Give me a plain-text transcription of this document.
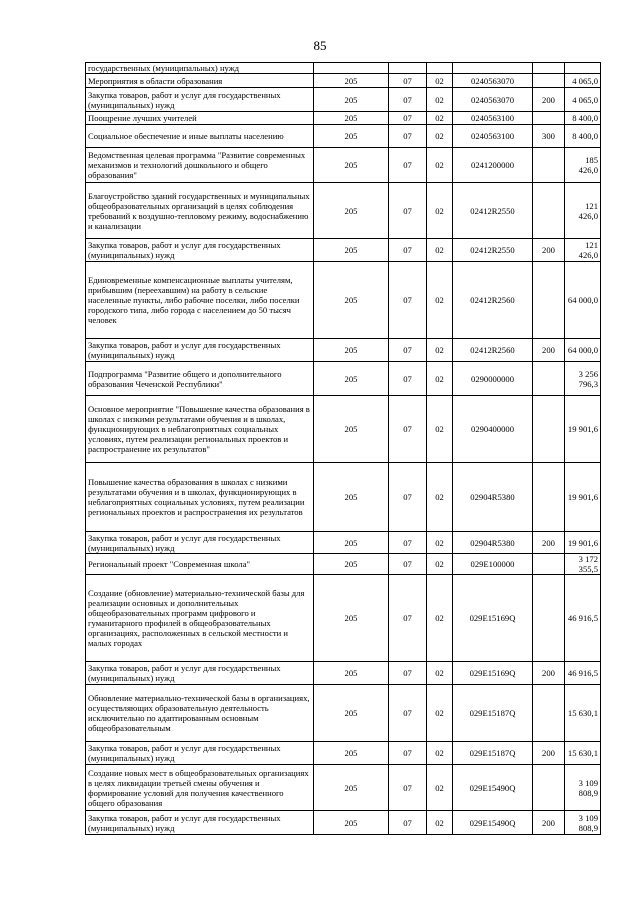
85
государственных (муниципальных) нужд						
Мероприятия в области образования	205	07	02	0240563070		4 065,0
Закупка товаров, работ и услуг для государственных (муниципальных) нужд	205	07	02	0240563070	200	4 065,0
Поощрение лучших учителей	205	07	02	0240563100		8 400,0
Социальное обеспечение и иные выплаты населению	205	07	02	0240563100	300	8 400,0
Ведомственная целевая программа "Развитие современных механизмов и технологий дошкольного и общего образования"	205	07	02	0241200000		185 426,0
Благоустройство зданий государственных и муниципальных общеобразовательных организаций в целях соблюдения требований к воздушно-тепловому режиму, водоснабжению и канализации	205	07	02	02412R2550		121 426,0
Закупка товаров, работ и услуг для государственных (муниципальных) нужд	205	07	02	02412R2550	200	121 426,0
Единовременные компенсационные выплаты учителям, прибывшим (переехавшим) на работу в сельские населенные пункты, либо рабочие поселки, либо поселки городского типа, либо города с населением до 50 тысяч человек	205	07	02	02412R2560		64 000,0
Закупка товаров, работ и услуг для государственных (муниципальных) нужд	205	07	02	02412R2560	200	64 000,0
Подпрограмма "Развитие общего и дополнительного образования Чеченской Республики"	205	07	02	0290000000		3 256 796,3
Основное мероприятие "Повышение качества образования в школах с низкими результатами обучения и в школах, функционирующих в неблагоприятных социальных условиях, путем реализации региональных проектов и распространение их результатов"	205	07	02	0290400000		19 901,6
Повышение качества образования в школах с низкими результатами обучения и в школах, функционирующих в неблагоприятных социальных условиях, путем реализации региональных проектов и распространения их результатов	205	07	02	02904R5380		19 901,6
Закупка товаров, работ и услуг для государственных (муниципальных) нужд	205	07	02	02904R5380	200	19 901,6
Региональный проект "Современная школа"	205	07	02	029E100000		3 172 355,5
Создание (обновление) материально-технической базы для реализации основных и дополнительных общеобразовательных программ цифрового и гуманитарного профилей в общеобразовательных организациях, расположенных в сельской местности и малых городах	205	07	02	029E15169Q		46 916,5
Закупка товаров, работ и услуг для государственных (муниципальных) нужд	205	07	02	029E15169Q	200	46 916,5
Обновление материально-технической базы в организациях, осуществляющих образовательную деятельность исключительно по адаптированным основным общеобразовательным	205	07	02	029E15187Q		15 630,1
Закупка товаров, работ и услуг для государственных (муниципальных) нужд	205	07	02	029E15187Q	200	15 630,1
Создание новых мест в общеобразовательных организациях в целях ликвидации третьей смены обучения и формирование условий для получения качественного общего образования	205	07	02	029E15490Q		3 109 808,9
Закупка товаров, работ и услуг для государственных (муниципальных) нужд	205	07	02	029E15490Q	200	3 109 808,9
